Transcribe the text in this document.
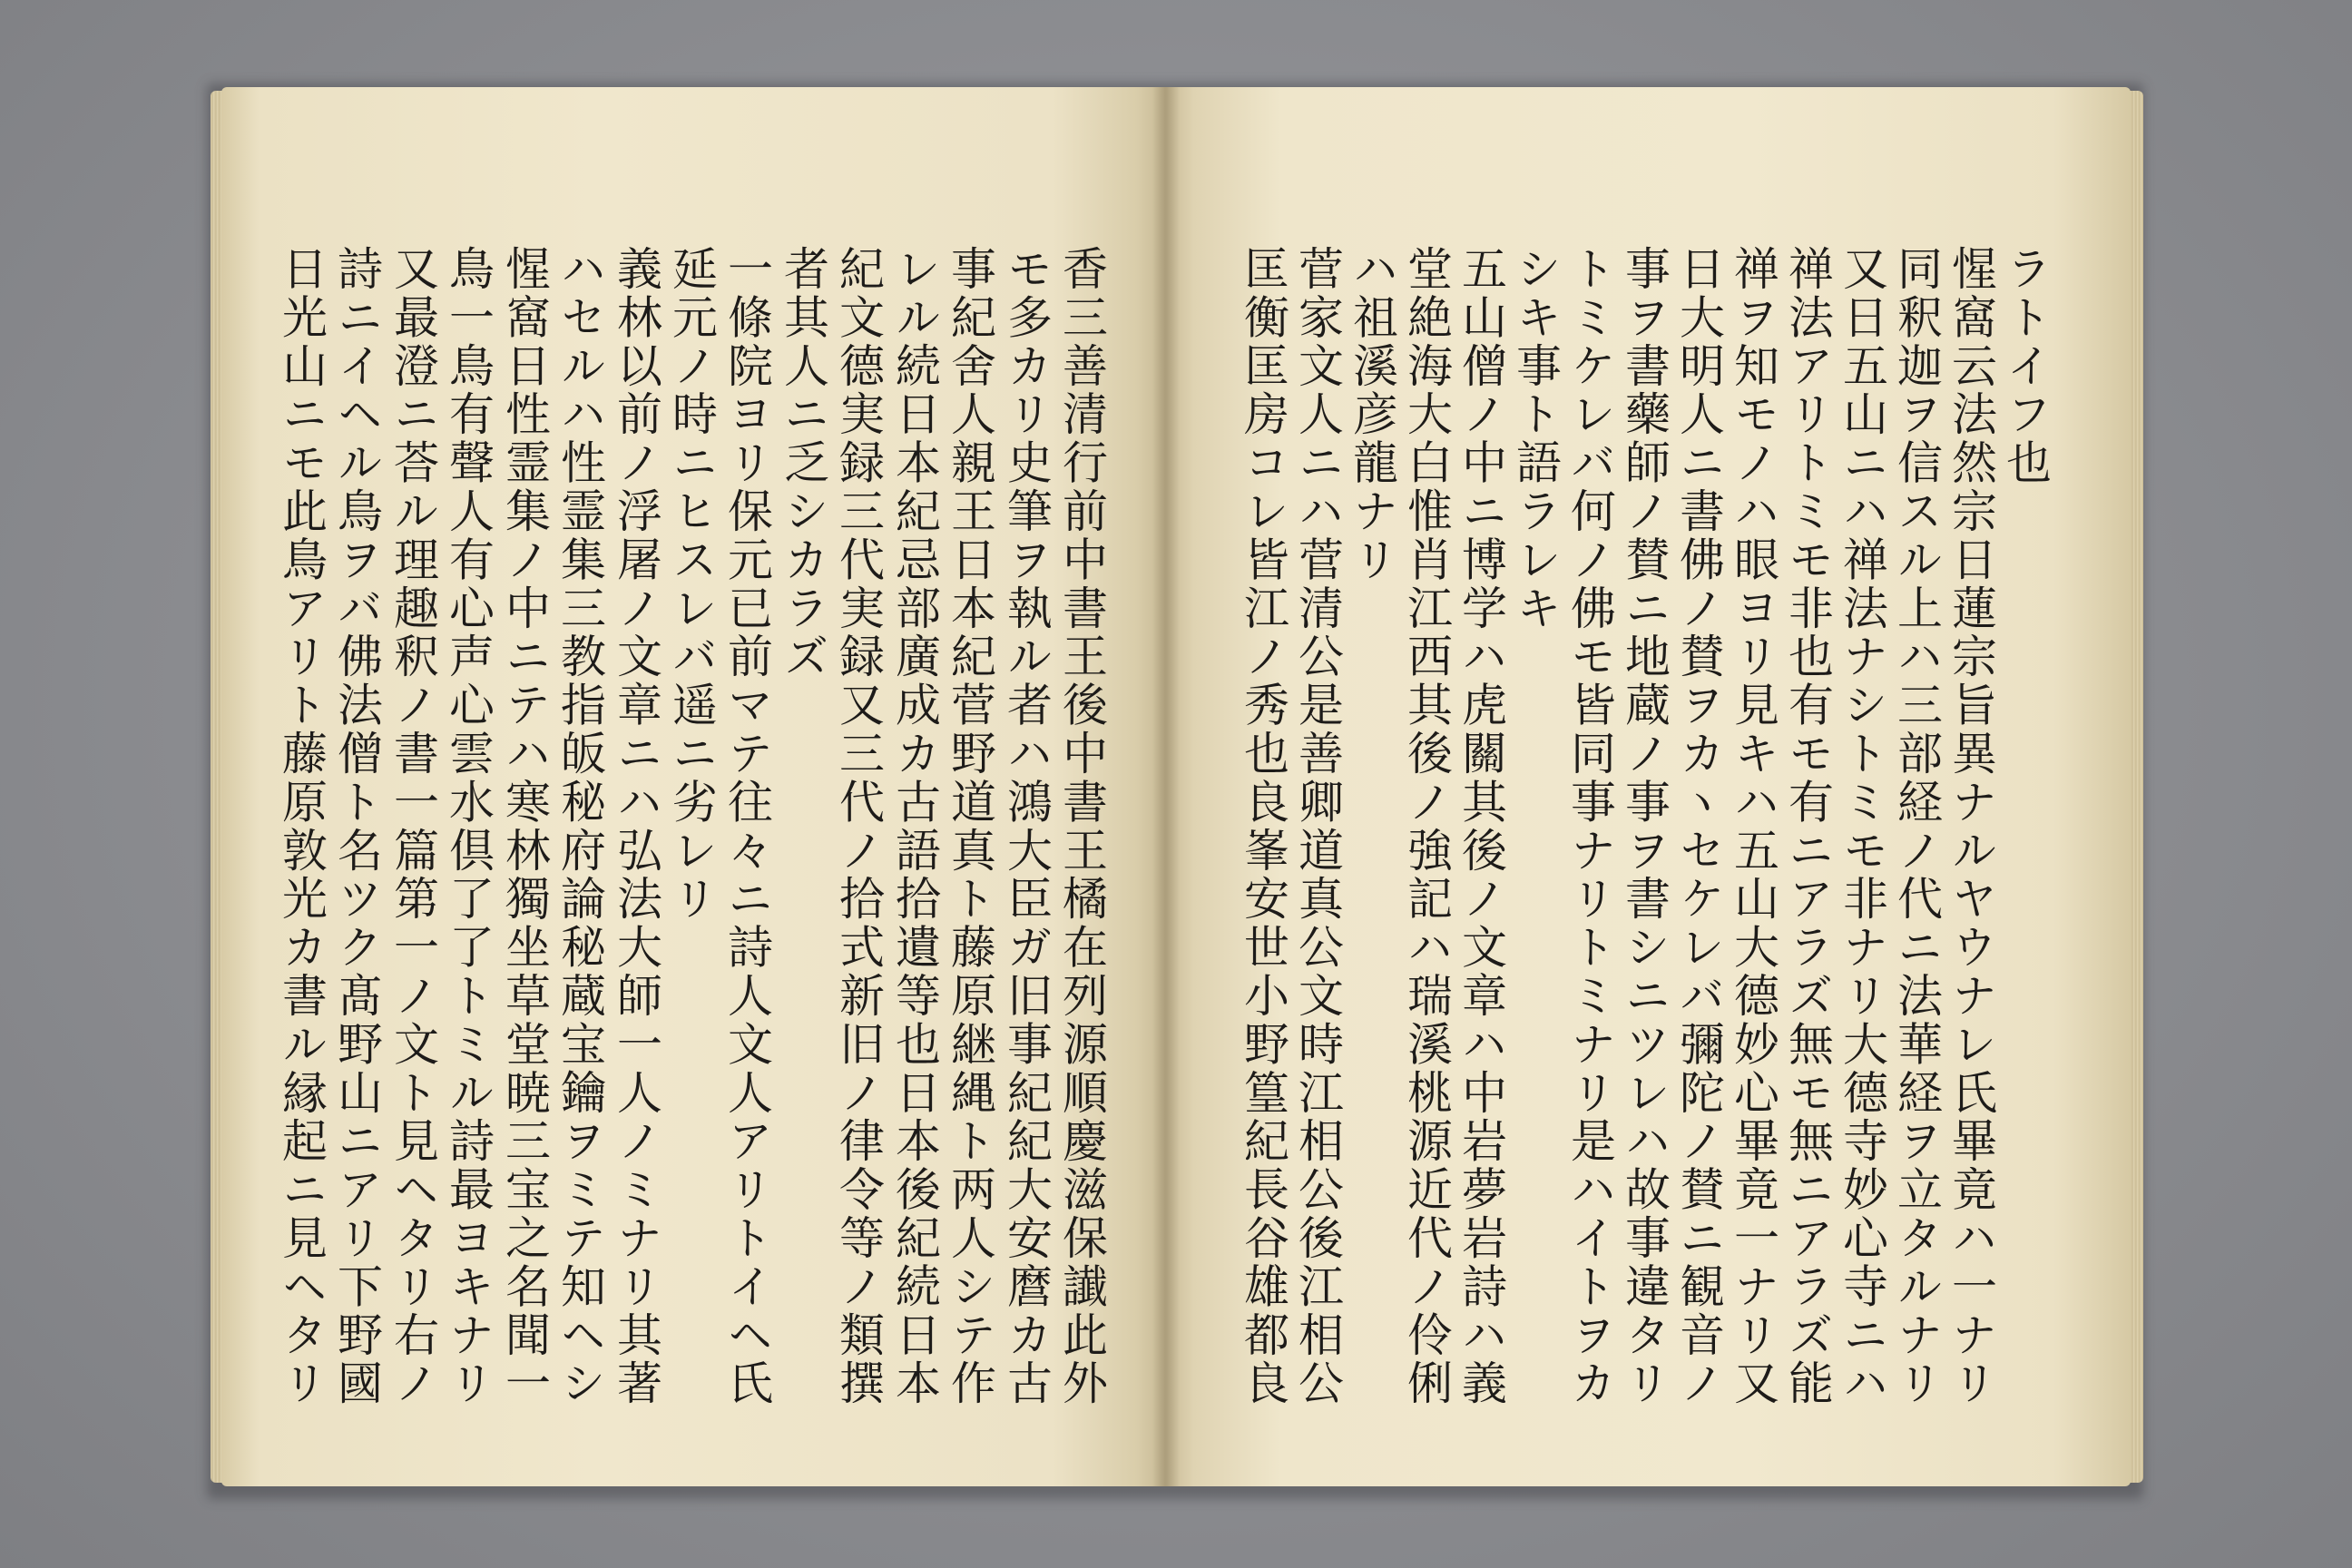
香三善清行前中書王後中書王橘在列源順慶滋保䜟此外
モ多カリ史筆ヲ執ル者ハ鴻大臣ガ旧事紀紀大安麿カ古
事紀舍人親王日本紀菅野道真ト藤原継縄ト两人シテ作
レル続日本紀忌部廣成カ古語拾遺等也日本後紀続日本
紀文德実録三代実録又三代ノ拾式新旧ノ律令等ノ類撰
者其人ニ乏シカラズ
一條院ヨリ保元已前マテ往々ニ詩人文人アリトイヘ氏
延元ノ時ニヒスレバ遥ニ劣レリ
義林以前ノ浮屠ノ文章ニハ弘法大師一人ノミナリ其著
ハセルハ性霊集三教指皈秘府論秘蔵宝鑰ヲミテ知ヘシ
惺窩日性霊集ノ中ニテハ寒林獨坐草堂暁三宝之名聞一
鳥一鳥有聲人有心声心雲水倶了了トミル詩最ヨキナリ
又最澄ニ荅ル理趣釈ノ書一篇第一ノ文ト見ヘタリ右ノ
詩ニイヘル鳥ヲバ佛法僧ト名ツク髙野山ニアリ下野國
日光山ニモ此鳥アリト藤原敦光カ書ル縁起ニ見ヘタリ	ラトイフ也
惺窩云法然宗日蓮宗旨異ナルヤウナレ氏畢竟ハ一ナリ
同釈迦ヲ信スル上ハ三部経ノ代ニ法華経ヲ立タルナリ
又日五山ニハ禅法ナシトミモ非ナリ大德寺妙心寺ニハ
禅法アリトミモ非也有モ有ニアラズ無モ無ニアラズ能
禅ヲ知モノハ眼ヨリ見キハ五山大德妙心畢竟一ナリ又
日大明人ニ書佛ノ賛ヲカヽセケレバ彌陀ノ賛ニ観音ノ
事ヲ書藥師ノ賛ニ地蔵ノ事ヲ書シニツレハ故事違タリ
トミケレバ何ノ佛モ皆同事ナリトミナリ是ハイトヲカ
シキ事ト語ラレキ
五山僧ノ中ニ博学ハ虎關其後ノ文章ハ中岩夢岩詩ハ義
堂絶海大白惟肖江西其後ノ強記ハ瑞溪桃源近代ノ伶俐
ハ祖溪彦龍ナリ
菅家文人ニハ菅清公是善卿道真公文時江相公後江相公
匡衡匡房コレ皆江ノ秀也良峯安世小野篁紀長谷雄都良
